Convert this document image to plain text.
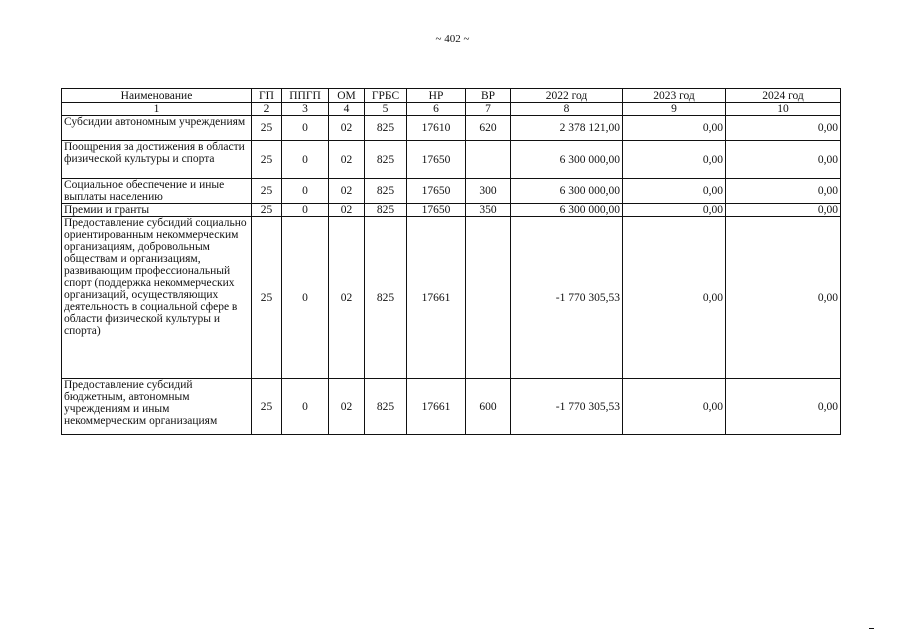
~ 402 ~
Наименование	ГП	ППГП	ОМ	ГРБС	НР	ВР	2022 год	2023 год	2024 год
1	2	3	4	5	6	7	8	9	10
Субсидии автономным учреждениям	25	0	02	825	17610	620	2 378 121,00	0,00	0,00
Поощрения за достижения в области физической культуры и спорта	25	0	02	825	17650		6 300 000,00	0,00	0,00
Социальное обеспечение и иные выплаты населению	25	0	02	825	17650	300	6 300 000,00	0,00	0,00
Премии и гранты	25	0	02	825	17650	350	6 300 000,00	0,00	0,00
Предоставление субсидий социально ориентированным некоммерческим организациям, добровольным обществам и организациям, развивающим профессиональный спорт (поддержка некоммерческих организаций, осуществляющих деятельность в социальной сфере в области физической культуры и спорта)	25	0	02	825	17661		-1 770 305,53	0,00	0,00
Предоставление субсидий бюджетным, автономным учреждениям и иным некоммерческим организациям	25	0	02	825	17661	600	-1 770 305,53	0,00	0,00
